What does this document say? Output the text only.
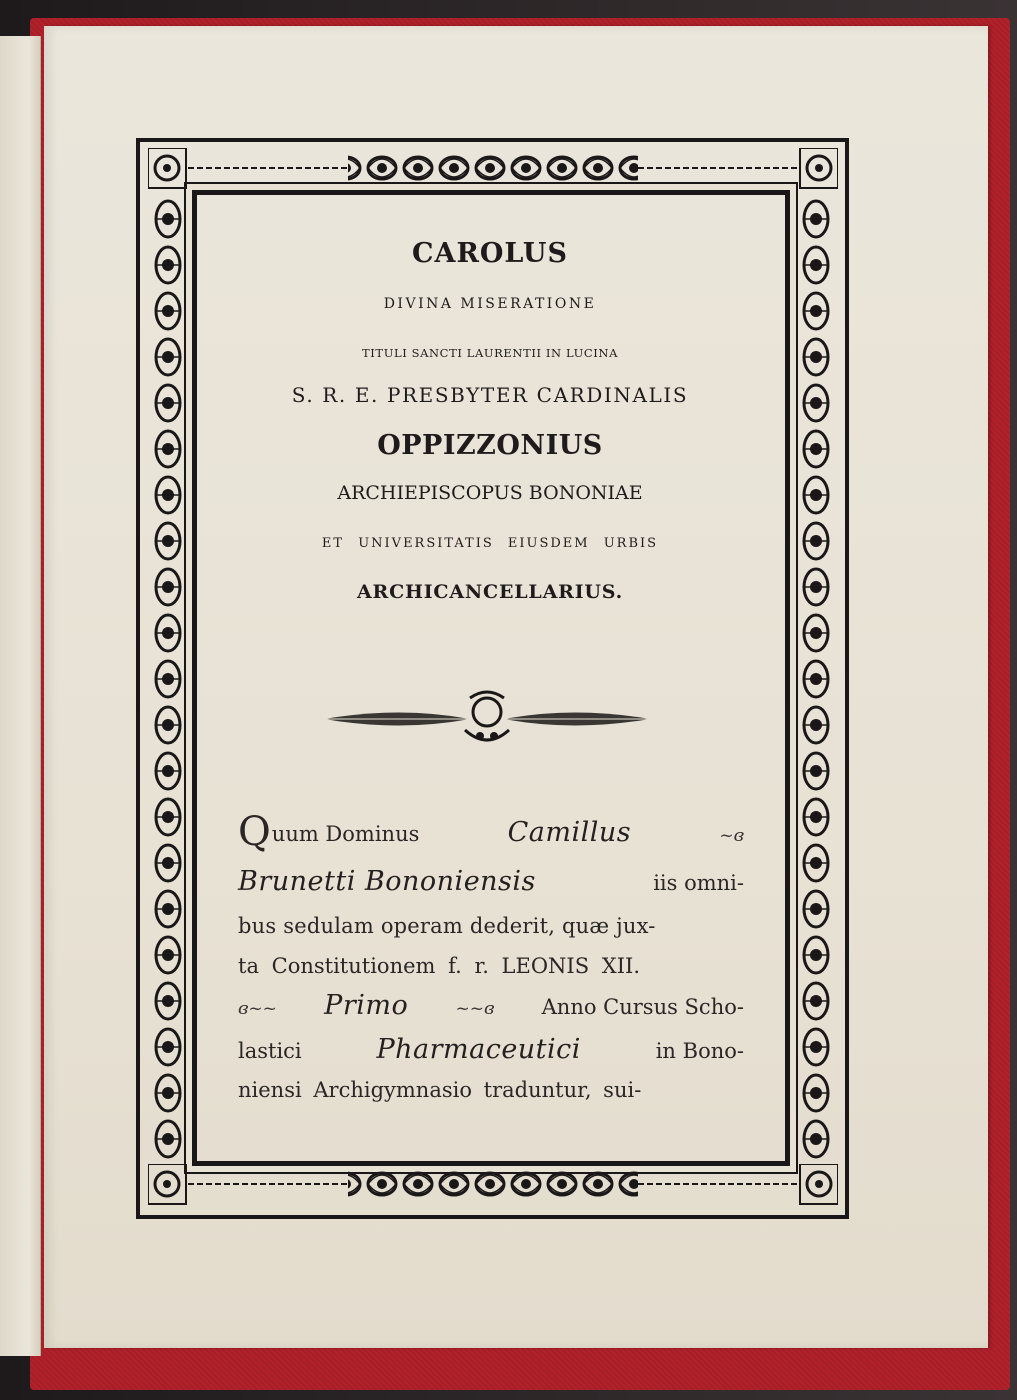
CAROLUS

DIVINA MISERATIONE

TITULI SANCTI LAURENTII IN LUCINA

S. R. E. PRESBYTER CARDINALIS

OPPIZZONIUS

ARCHIEPISCOPUS BONONIAE

ET UNIVERSITATIS EIUSDEM URBIS

ARCHICANCELLARIUS.

Quum Dominus	Camillus	~ɞ
Brunetti Bononiensis	iis omni-

bus sedulam operam dederit, quæ jux-

ta Constitutionem f. r. LEONIS XII.

ɞ~~ Primo	~~ɞ Anno Cursus Scho-
lastici	Pharmaceutici	in Bono-

niensi Archigymnasio traduntur, sui-
